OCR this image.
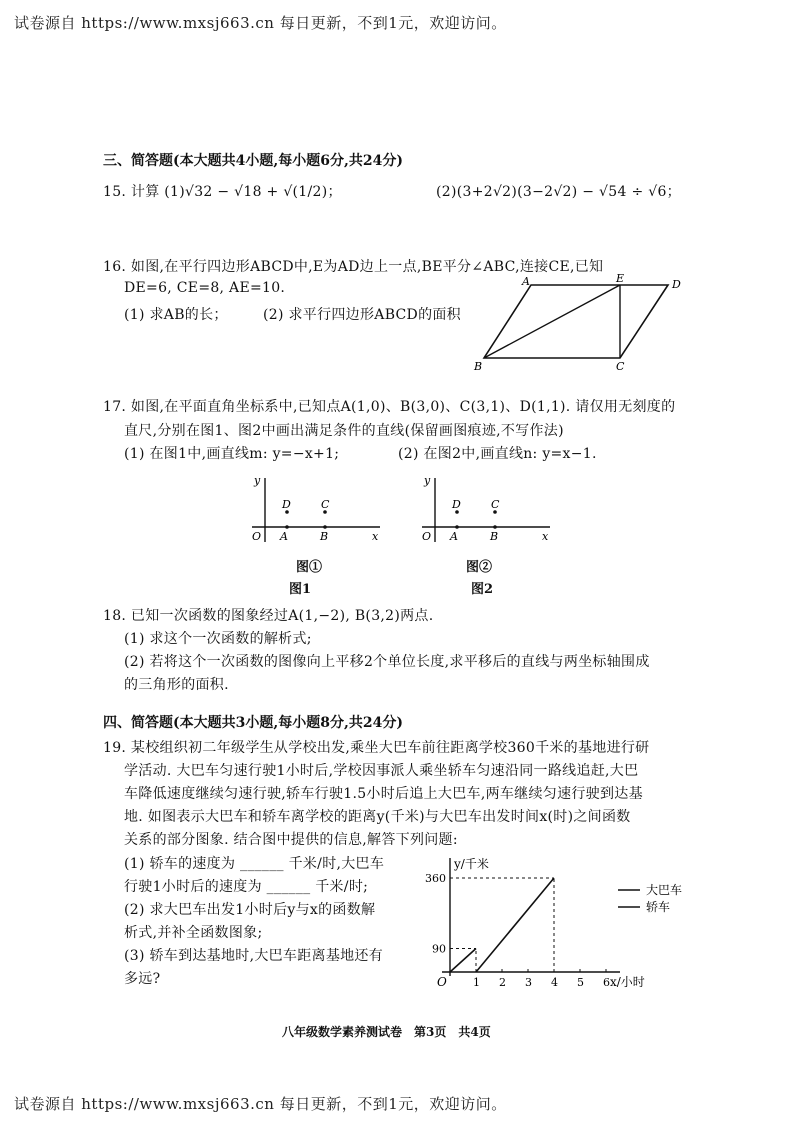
试卷源自 https://www.mxsj663.cn 每日更新，不到1元，欢迎访问。
试卷源自 https://www.mxsj663.cn 每日更新，不到1元，欢迎访问。
三、简答题(本大题共4小题,每小题6分,共24分)
15. 计算 (1)√32 − √18 + √(1/2)；	(2)(3+2√2)(3−2√2) − √54 ÷ √6；
16. 如图,在平行四边形ABCD中,E为AD边上一点,BE平分∠ABC,连接CE,已知
DE=6, CE=8, AE=10.
(1) 求AB的长；	(2) 求平行四边形ABCD的面积
A	E	D
B	C
17. 如图,在平面直角坐标系中,已知点A(1,0)、B(3,0)、C(3,1)、D(1,1). 请仅用无刻度的
直尺,分别在图1、图2中画出满足条件的直线(保留画图痕迹,不写作法)
(1) 在图1中,画直线m: y=−x+1;	(2) 在图2中,画直线n: y=x−1.
y
x
O A	B
C
D
图①
图1
y
x
O A	B
C
D
图②
图2
18. 已知一次函数的图象经过A(1,−2), B(3,2)两点.
(1) 求这个一次函数的解析式;
(2) 若将这个一次函数的图像向上平移2个单位长度,求平移后的直线与两坐标轴围成
的三角形的面积.
四、简答题(本大题共3小题,每小题8分,共24分)
19. 某校组织初二年级学生从学校出发,乘坐大巴车前往距离学校360千米的基地进行研
学活动. 大巴车匀速行驶1小时后,学校因事派人乘坐轿车匀速沿同一路线追赶,大巴
车降低速度继续匀速行驶,轿车行驶1.5小时后追上大巴车,两车继续匀速行驶到达基
地. 如图表示大巴车和轿车离学校的距离y(千米)与大巴车出发时间x(时)之间函数
关系的部分图象. 结合图中提供的信息,解答下列问题:
(1) 轿车的速度为 ______ 千米/时,大巴车
行驶1小时后的速度为 ______ 千米/时;
(2) 求大巴车出发1小时后y与x的函数解
析式,并补全函数图象;
(3) 轿车到达基地时,大巴车距离基地还有
多远?
y/千米
x/小时
O 1 2 3 4 5 6
90
360
大巴车
轿车
八年级数学素养测试卷　第3页　共4页
